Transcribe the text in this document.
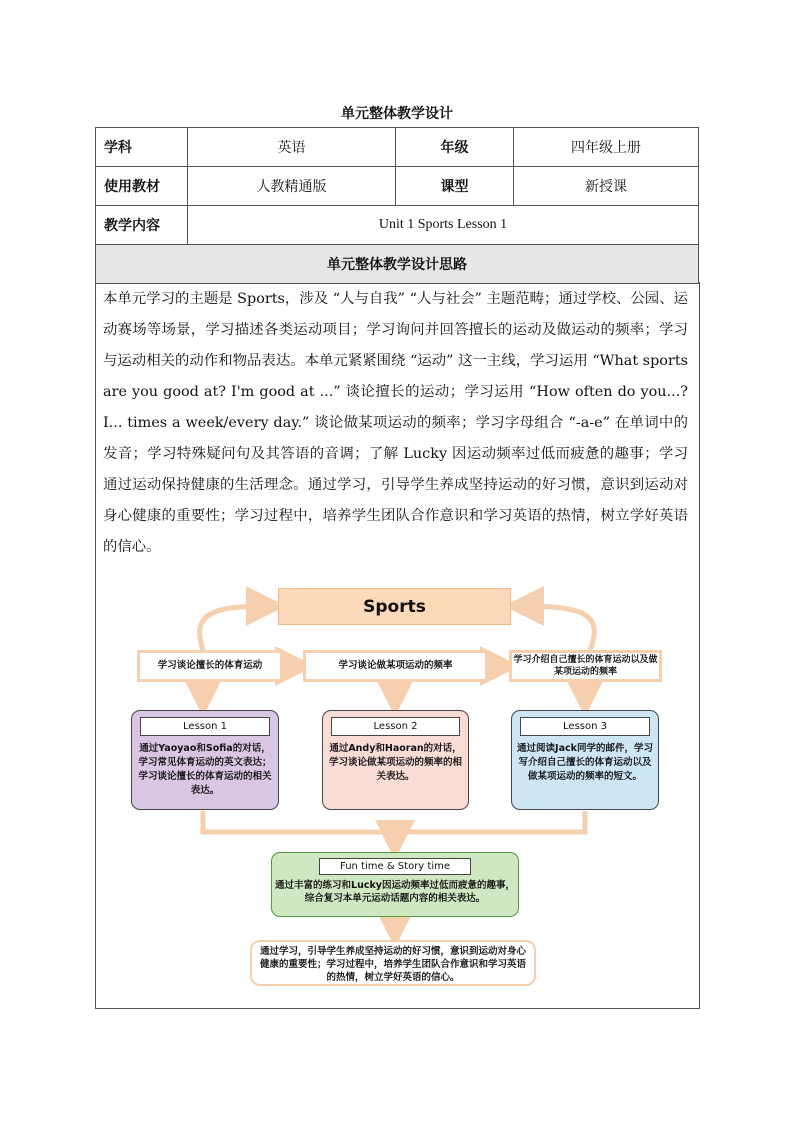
单元整体教学设计
学科	英语	年级	四年级上册
使用教材	人教精通版	课型	新授课
教学内容	Unit 1 Sports Lesson 1		
单元整体教学设计思路			
本单元学习的主题是 Sports，涉及 “人与自我” “人与社会” 主题范畴；通过学校、公园、运动赛场等场景，学习描述各类运动项目；学习询问并回答擅长的运动及做运动的频率；学习与运动相关的动作和物品表达。本单元紧紧围绕 “运动” 这一主线，学习运用 “What sports are you good at? I'm good at ...” 谈论擅长的运动；学习运用 “How often do you...? I... times a week/every day.” 谈论做某项运动的频率；学习字母组合 “-a-e” 在单词中的发音；学习特殊疑问句及其答语的音调；了解 Lucky 因运动频率过低而疲惫的趣事；学习通过运动保持健康的生活理念。通过学习，引导学生养成坚持运动的好习惯，意识到运动对身心健康的重要性；学习过程中，培养学生团队合作意识和学习英语的热情，树立学好英语的信心。
Sports
学习谈论擅长的体育运动	学习谈论做某项运动的频率	学习介绍自己擅长的体育运动以及做某项运动的频率
Lesson 1
通过Yaoyao和Sofia的对话，学习常见体育运动的英文表达；学习谈论擅长的体育运动的相关表达。
Lesson 2
通过Andy和Haoran的对话，学习谈论做某项运动的频率的相关表达。
Lesson 3
通过阅读Jack同学的邮件，学习写介绍自己擅长的体育运动以及做某项运动的频率的短文。
Fun time & Story time
通过丰富的练习和Lucky因运动频率过低而疲惫的趣事，综合复习本单元运动话题内容的相关表达。
通过学习，引导学生养成坚持运动的好习惯，意识到运动对身心健康的重要性；学习过程中，培养学生团队合作意识和学习英语的热情，树立学好英语的信心。
